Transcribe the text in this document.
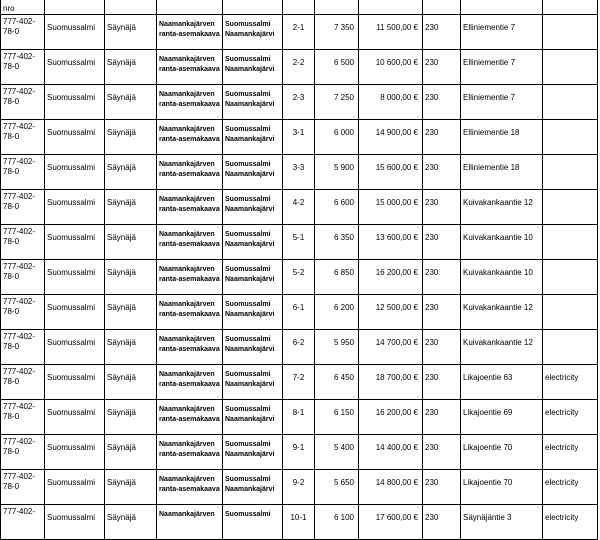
nro										
777-402-78-0	Suomussalmi	Säynäjä	Naamankajärven ranta-asemakaava	Suomussalmi Naamankajärvi	2-1	7 350	11 500,00 €	230	Elliniementie 7	
777-402-78-0	Suomussalmi	Säynäjä	Naamankajärven ranta-asemakaava	Suomussalmi Naamankajärvi	2-2	6 500	10 600,00 €	230	Elliniementie 7	
777-402-78-0	Suomussalmi	Säynäjä	Naamankajärven ranta-asemakaava	Suomussalmi Naamankajärvi	2-3	7 250	8 000,00 €	230	Elliniementie 7	
777-402-78-0	Suomussalmi	Säynäjä	Naamankajärven ranta-asemakaava	Suomussalmi Naamankajärvi	3-1	6 000	14 900,00 €	230	Elliniementie 18	
777-402-78-0	Suomussalmi	Säynäjä	Naamankajärven ranta-asemakaava	Suomussalmi Naamankajärvi	3-3	5 900	15 600,00 €	230	Elliniementie 18	
777-402-78-0	Suomussalmi	Säynäjä	Naamankajärven ranta-asemakaava	Suomussalmi Naamankajärvi	4-2	6 600	15 000,00 €	230	Kuivakankaantie 12	
777-402-78-0	Suomussalmi	Säynäjä	Naamankajärven ranta-asemakaava	Suomussalmi Naamankajärvi	5-1	6 350	13 600,00 €	230	Kuivakankaantie 10	
777-402-78-0	Suomussalmi	Säynäjä	Naamankajärven ranta-asemakaava	Suomussalmi Naamankajärvi	5-2	6 850	16 200,00 €	230	Kuivakankaantie 10	
777-402-78-0	Suomussalmi	Säynäjä	Naamankajärven ranta-asemakaava	Suomussalmi Naamankajärvi	6-1	6 200	12 500,00 €	230	Kuivakankaantie 12	
777-402-78-0	Suomussalmi	Säynäjä	Naamankajärven ranta-asemakaava	Suomussalmi Naamankajärvi	6-2	5 950	14 700,00 €	230	Kuivakankaantie 12	
777-402-78-0	Suomussalmi	Säynäjä	Naamankajärven ranta-asemakaava	Suomussalmi Naamankajärvi	7-2	6 450	18 700,00 €	230	Likajoentie 63	electricity
777-402-78-0	Suomussalmi	Säynäjä	Naamankajärven ranta-asemakaava	Suomussalmi Naamankajärvi	8-1	6 150	16 200,00 €	230	Likajoentie 69	electricity
777-402-78-0	Suomussalmi	Säynäjä	Naamankajärven ranta-asemakaava	Suomussalmi Naamankajärvi	9-1	5 400	14 400,00 €	230	Likajoentie 70	electricity
777-402-78-0	Suomussalmi	Säynäjä	Naamankajärven ranta-asemakaava	Suomussalmi Naamankajärvi	9-2	5 650	14 800,00 €	230	Likajoentie 70	electricity
777-402-	Suomussalmi	Säynäjä	Naamankajärven	Suomussalmi	10-1	6 100	17 600,00 €	230	Säynäjäntie 3	electricity
